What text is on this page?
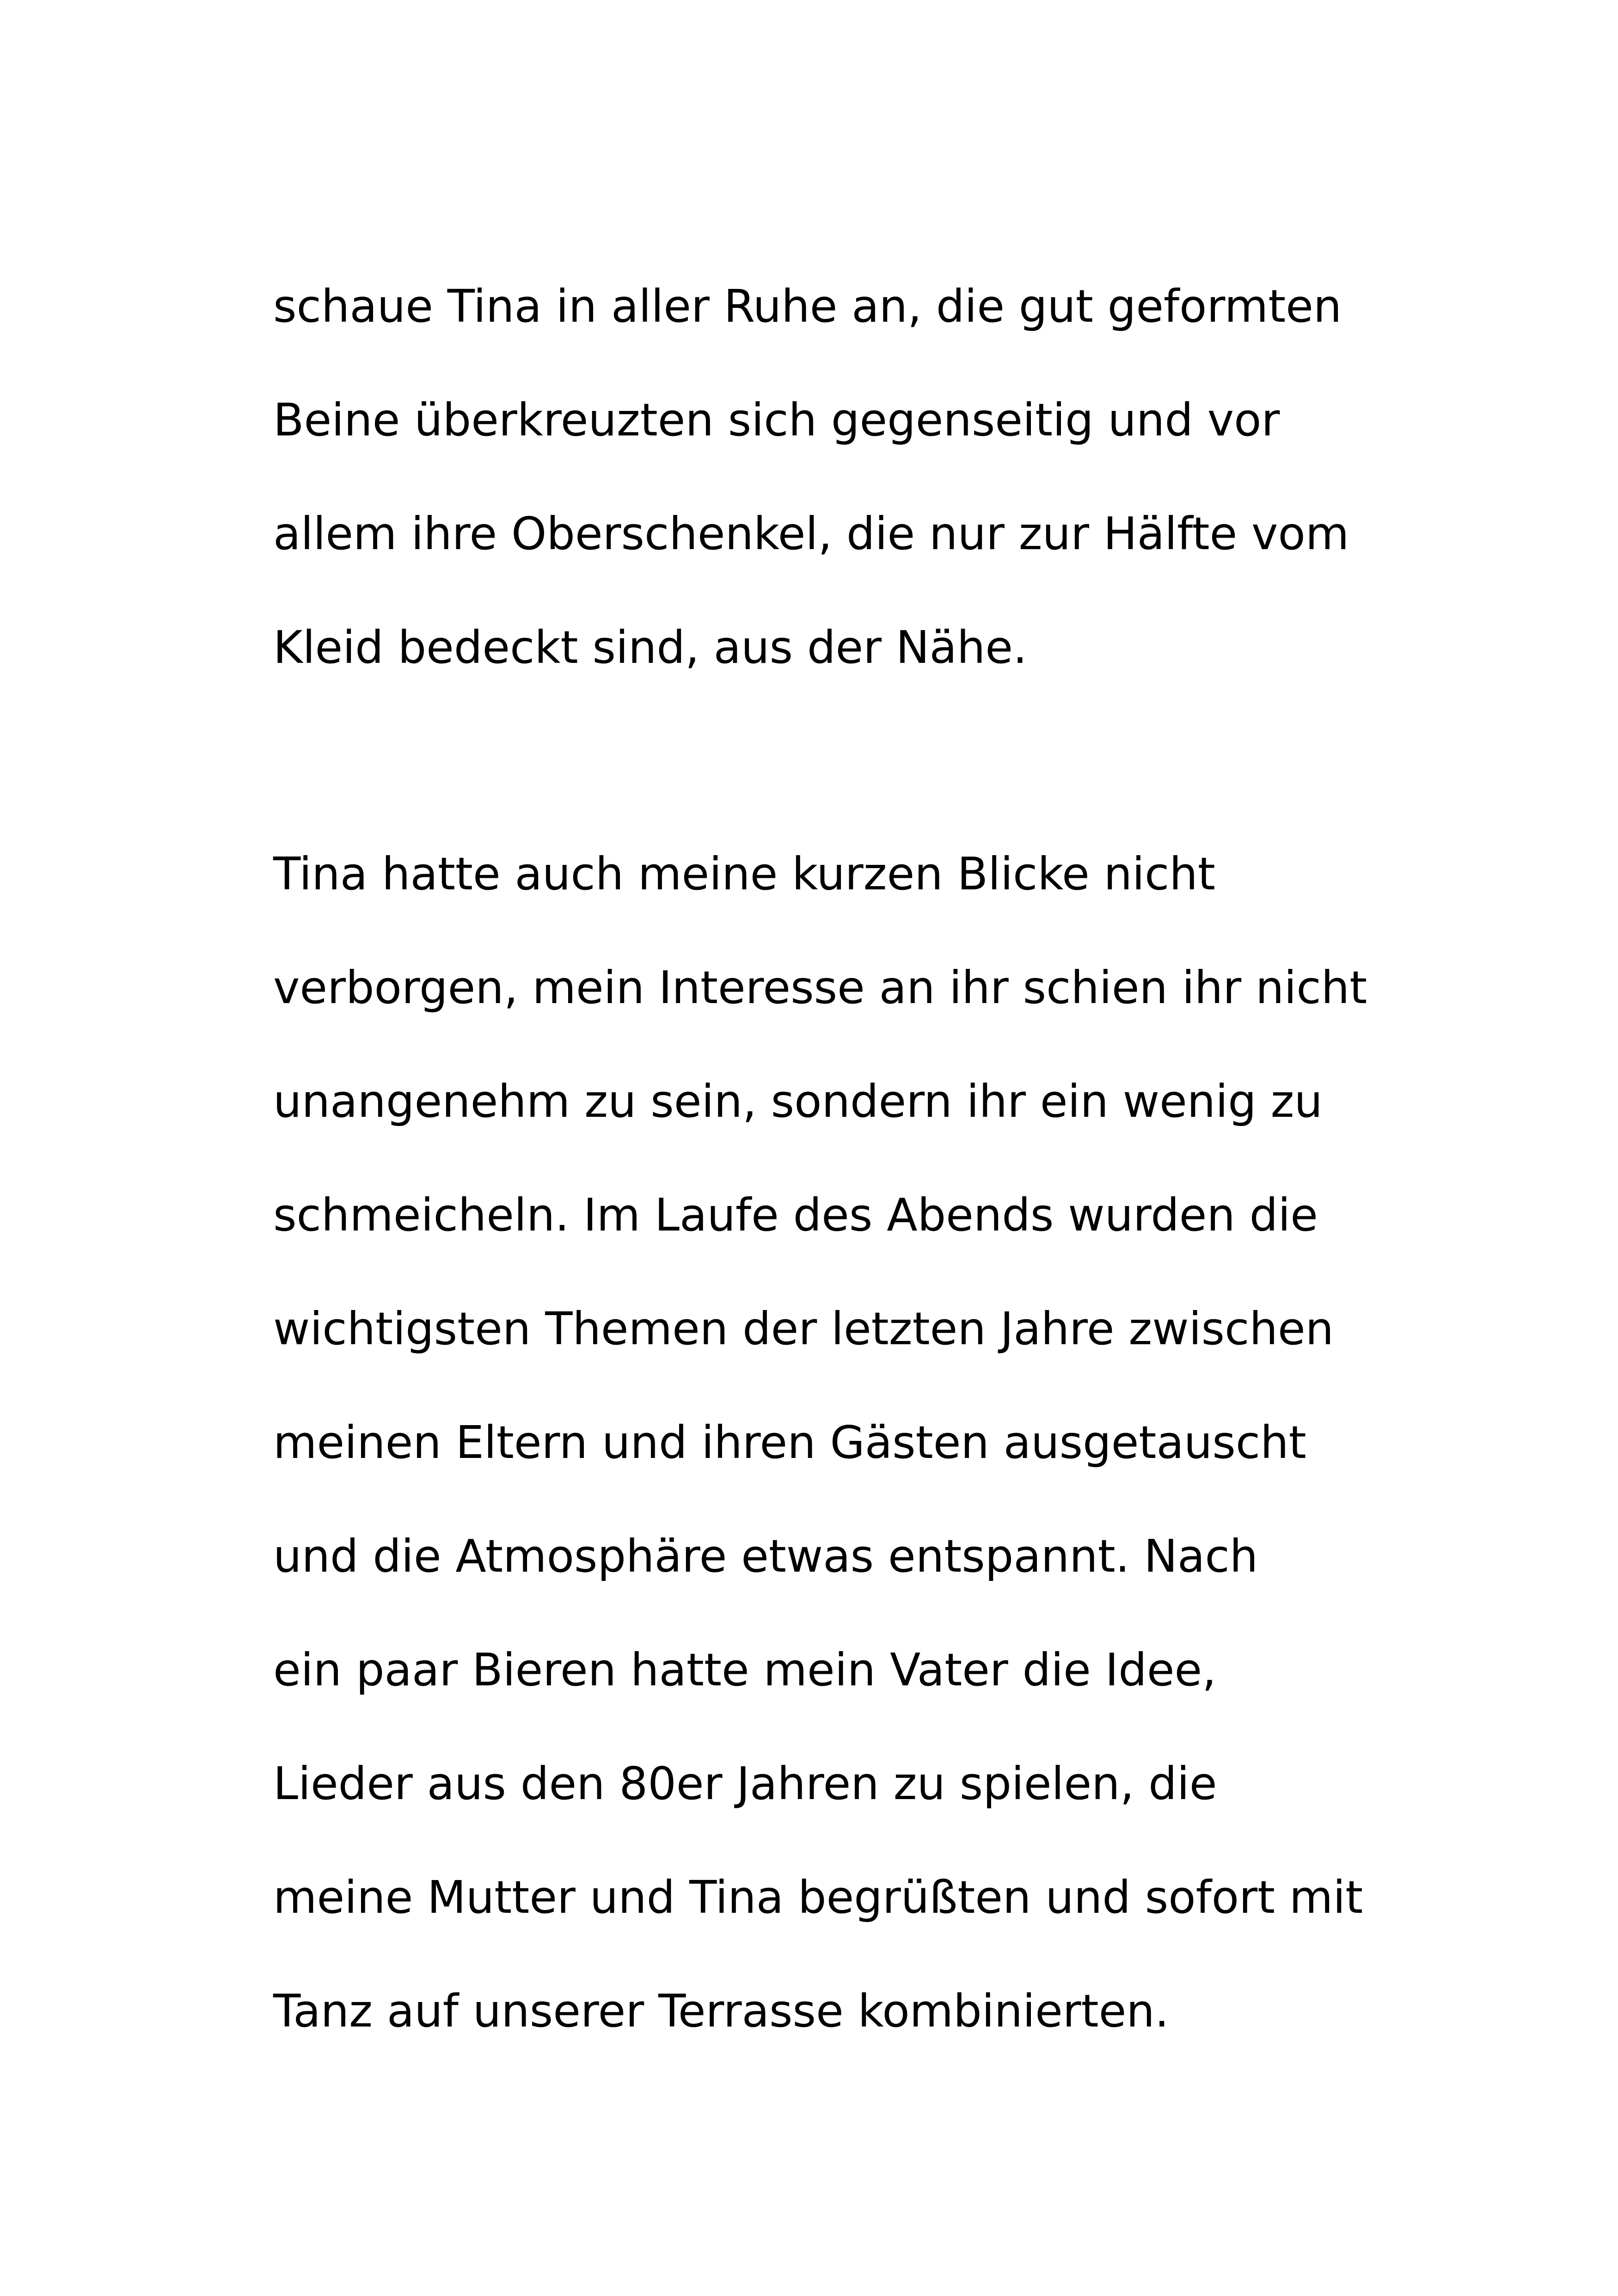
schaue Tina in aller Ruhe an, die gut geformten
Beine überkreuzten sich gegenseitig und vor
allem ihre Oberschenkel, die nur zur Hälfte vom
Kleid bedeckt sind, aus der Nähe.

Tina hatte auch meine kurzen Blicke nicht
verborgen, mein Interesse an ihr schien ihr nicht
unangenehm zu sein, sondern ihr ein wenig zu
schmeicheln. Im Laufe des Abends wurden die
wichtigsten Themen der letzten Jahre zwischen
meinen Eltern und ihren Gästen ausgetauscht
und die Atmosphäre etwas entspannt. Nach
ein paar Bieren hatte mein Vater die Idee,
Lieder aus den 80er Jahren zu spielen, die
meine Mutter und Tina begrüßten und sofort mit
Tanz auf unserer Terrasse kombinierten.
